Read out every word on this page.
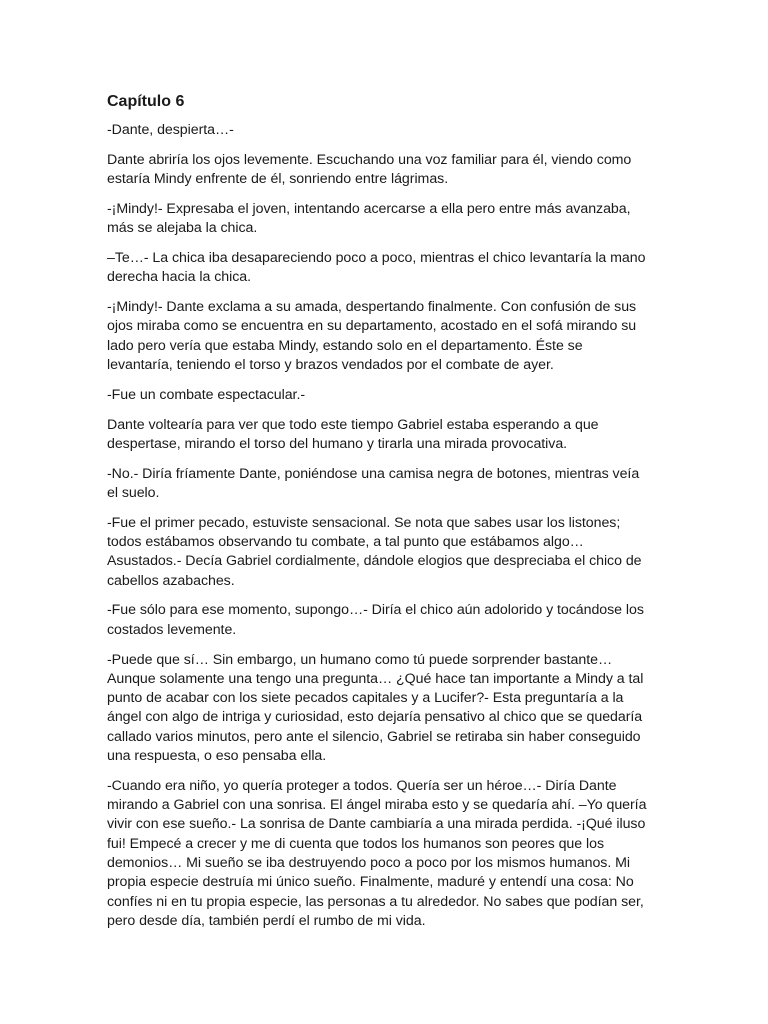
Capítulo 6

-Dante, despierta…-

Dante abriría los ojos levemente. Escuchando una voz familiar para él, viendo como estaría Mindy enfrente de él, sonriendo entre lágrimas.

-¡Mindy!- Expresaba el joven, intentando acercarse a ella pero entre más avanzaba, más se alejaba la chica.

–Te…- La chica iba desapareciendo poco a poco, mientras el chico levantaría la mano derecha hacia la chica.

-¡Mindy!- Dante exclama a su amada, despertando finalmente. Con confusión de sus ojos miraba como se encuentra en su departamento, acostado en el sofá mirando su lado pero vería que estaba Mindy, estando solo en el departamento. Éste se levantaría, teniendo el torso y brazos vendados por el combate de ayer.

-Fue un combate espectacular.-

Dante voltearía para ver que todo este tiempo Gabriel estaba esperando a que despertase, mirando el torso del humano y tirarla una mirada provocativa.

-No.- Diría fríamente Dante, poniéndose una camisa negra de botones, mientras veía el suelo.

-Fue el primer pecado, estuviste sensacional. Se nota que sabes usar los listones; todos estábamos observando tu combate, a tal punto que estábamos algo… Asustados.- Decía Gabriel cordialmente, dándole elogios que despreciaba el chico de cabellos azabaches.

-Fue sólo para ese momento, supongo…- Diría el chico aún adolorido y tocándose los costados levemente.

-Puede que sí… Sin embargo, un humano como tú puede sorprender bastante… Aunque solamente una tengo una pregunta… ¿Qué hace tan importante a Mindy a tal punto de acabar con los siete pecados capitales y a Lucifer?- Esta preguntaría a la ángel con algo de intriga y curiosidad, esto dejaría pensativo al chico que se quedaría callado varios minutos, pero ante el silencio, Gabriel se retiraba sin haber conseguido una respuesta, o eso pensaba ella.

-Cuando era niño, yo quería proteger a todos. Quería ser un héroe…- Diría Dante mirando a Gabriel con una sonrisa. El ángel miraba esto y se quedaría ahí. –Yo quería vivir con ese sueño.- La sonrisa de Dante cambiaría a una mirada perdida. -¡Qué iluso fui! Empecé a crecer y me di cuenta que todos los humanos son peores que los demonios… Mi sueño se iba destruyendo poco a poco por los mismos humanos. Mi propia especie destruía mi único sueño. Finalmente, maduré y entendí una cosa: No confíes ni en tu propia especie, las personas a tu alrededor. No sabes que podían ser, pero desde día, también perdí el rumbo de mi vida.
